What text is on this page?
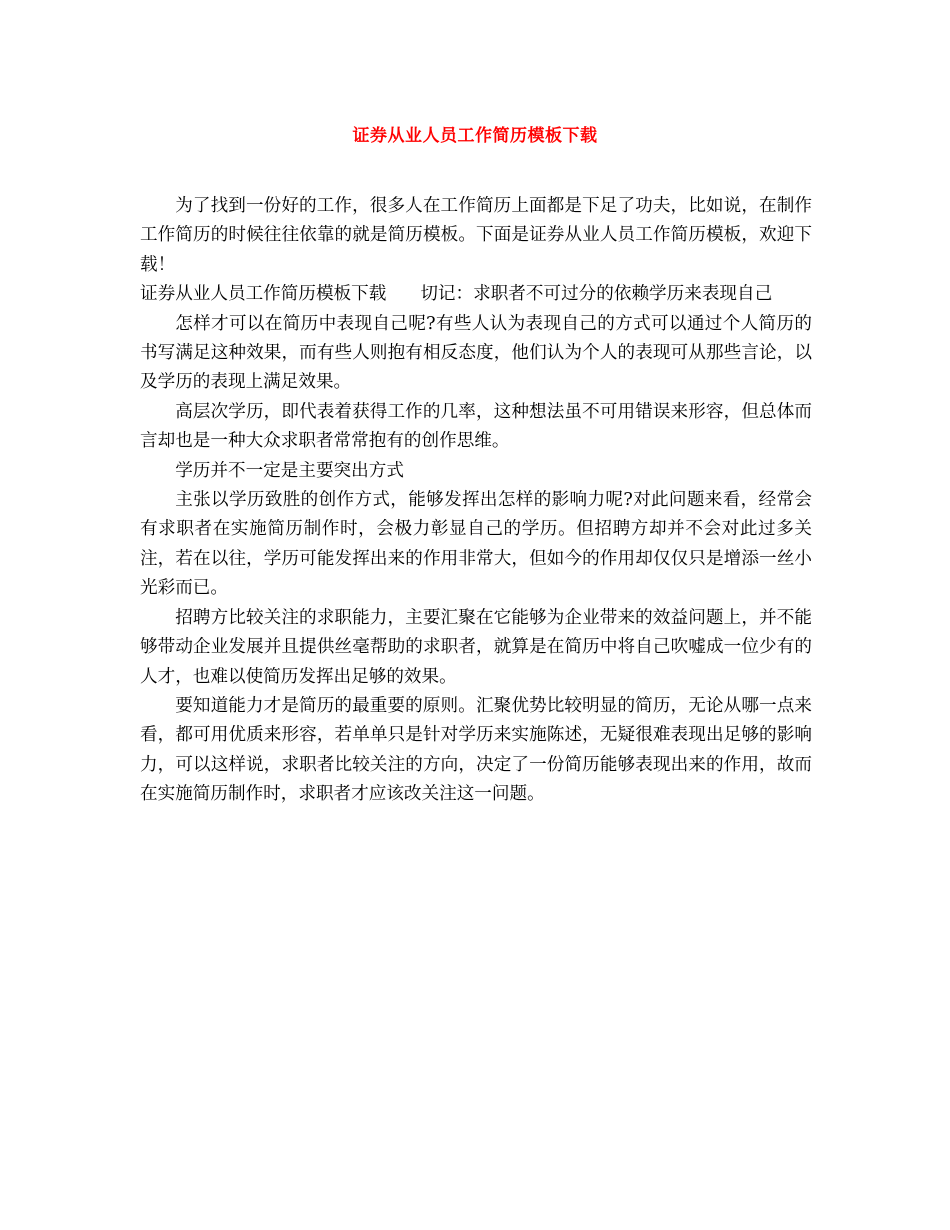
证券从业人员工作简历模板下载

为了找到一份好的工作，很多人在工作简历上面都是下足了功夫，比如说，在制作工作简历的时候往往依靠的就是简历模板。下面是证券从业人员工作简历模板，欢迎下载！

证券从业人员工作简历模板下载 切记：求职者不可过分的依赖学历来表现自己

怎样才可以在简历中表现自己呢?有些人认为表现自己的方式可以通过个人简历的书写满足这种效果，而有些人则抱有相反态度，他们认为个人的表现可从那些言论，以及学历的表现上满足效果。

高层次学历，即代表着获得工作的几率，这种想法虽不可用错误来形容，但总体而言却也是一种大众求职者常常抱有的创作思维。

学历并不一定是主要突出方式

主张以学历致胜的创作方式，能够发挥出怎样的影响力呢?对此问题来看，经常会有求职者在实施简历制作时，会极力彰显自己的学历。但招聘方却并不会对此过多关注，若在以往，学历可能发挥出来的作用非常大，但如今的作用却仅仅只是增添一丝小光彩而已。

招聘方比较关注的求职能力，主要汇聚在它能够为企业带来的效益问题上，并不能够带动企业发展并且提供丝毫帮助的求职者，就算是在简历中将自己吹嘘成一位少有的人才，也难以使简历发挥出足够的效果。

要知道能力才是简历的最重要的原则。汇聚优势比较明显的简历，无论从哪一点来看，都可用优质来形容，若单单只是针对学历来实施陈述，无疑很难表现出足够的影响力，可以这样说，求职者比较关注的方向，决定了一份简历能够表现出来的作用，故而在实施简历制作时，求职者才应该改关注这一问题。
